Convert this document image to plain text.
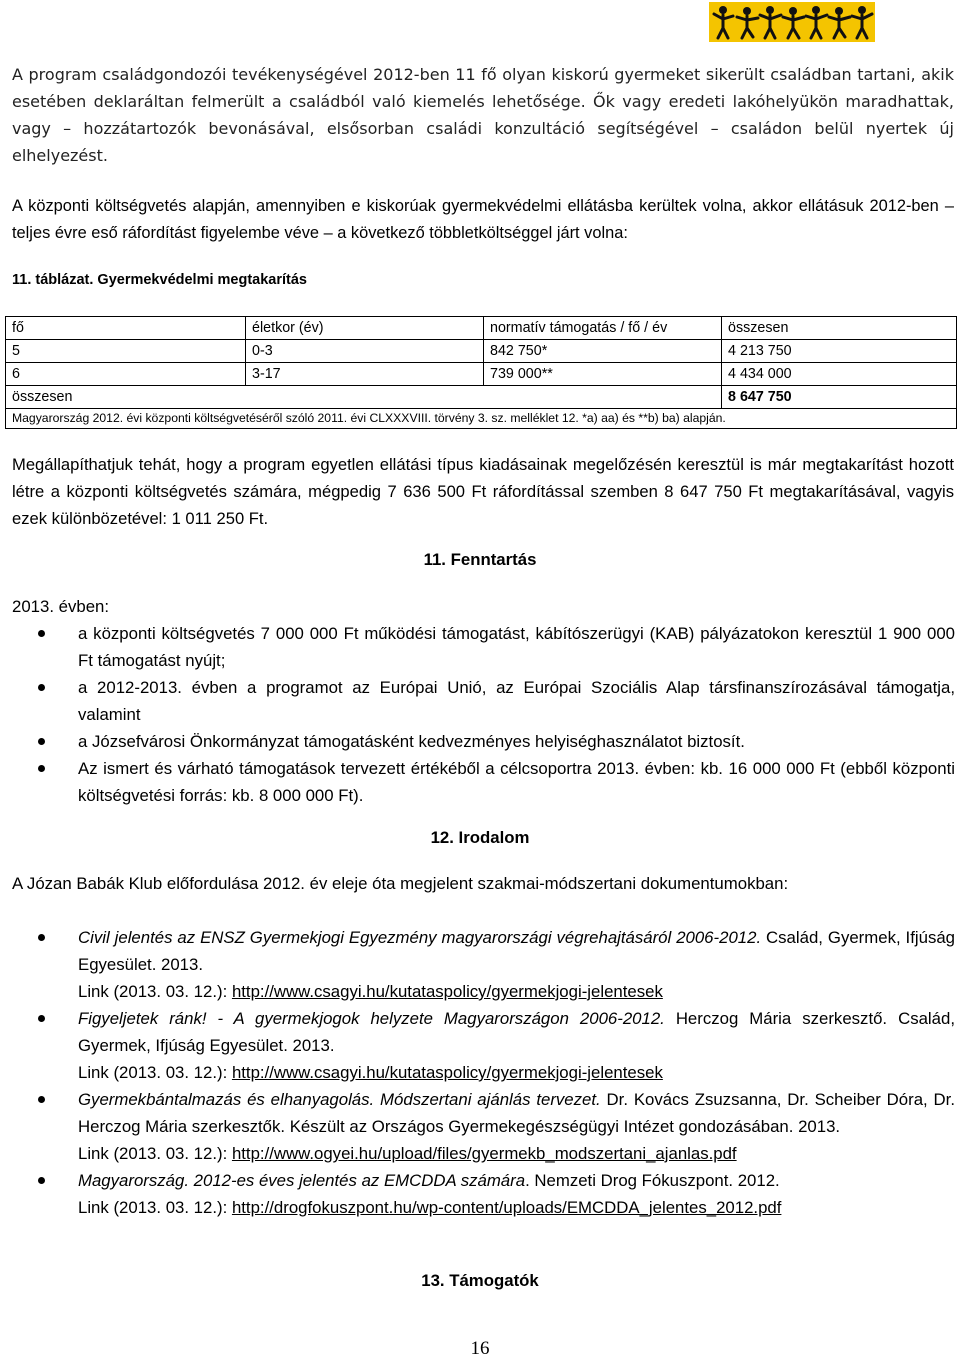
A program családgondozói tevékenységével 2012-ben 11 fő olyan kiskorú gyermeket sikerült családban tartani, akik esetében deklaráltan felmerült a családból való kiemelés lehetősége. Ők vagy eredeti lakóhelyükön maradhattak, vagy – hozzátartozók bevonásával, elsősorban családi konzultáció segítségével – családon belül nyertek új elhelyezést.
A központi költségvetés alapján, amennyiben e kiskorúak gyermekvédelmi ellátásba kerültek volna, akkor ellátásuk 2012-ben – teljes évre eső ráfordítást figyelembe véve – a következő többletköltséggel járt volna:
11. táblázat. Gyermekvédelmi megtakarítás
fő	életkor (év)	normatív támogatás / fő / év	összesen
5	0-3	842 750*	4 213 750
6	3-17	739 000**	4 434 000
összesen			8 647 750
Magyarország 2012. évi központi költségvetéséről szóló 2011. évi CLXXXVIII. törvény 3. sz. melléklet 12. *a) aa) és **b) ba) alapján.			
Megállapíthatjuk tehát, hogy a program egyetlen ellátási típus kiadásainak megelőzésén keresztül is már megtakarítást hozott létre a központi költségvetés számára, mégpedig 7 636 500 Ft ráfordítással szemben 8 647 750 Ft megtakarításával, vagyis ezek különbözetével: 1 011 250 Ft.
11. Fenntartás
2013. évben:
a központi költségvetés 7 000 000 Ft működési támogatást, kábítószerügyi (KAB) pályázatokon keresztül 1 900 000 Ft támogatást nyújt;
a 2012-2013. évben a programot az Európai Unió, az Európai Szociális Alap társfinanszírozásával támogatja, valamint
a Józsefvárosi Önkormányzat támogatásként kedvezményes helyiséghasználatot biztosít.
Az ismert és várható támogatások tervezett értékéből a célcsoportra 2013. évben: kb. 16 000 000 Ft (ebből központi költségvetési forrás: kb. 8 000 000 Ft).
12. Irodalom
A Józan Babák Klub előfordulása 2012. év eleje óta megjelent szakmai-módszertani dokumentumokban:
Civil jelentés az ENSZ Gyermekjogi Egyezmény magyarországi végrehajtásáról 2006-2012. Család, Gyermek, Ifjúság Egyesület. 2013.
Link (2013. 03. 12.): http://www.csagyi.hu/kutataspolicy/gyermekjogi-jelentesek
Figyeljetek ránk! - A gyermekjogok helyzete Magyarországon 2006-2012. Herczog Mária szerkesztő. Család, Gyermek, Ifjúság Egyesület. 2013.
Link (2013. 03. 12.): http://www.csagyi.hu/kutataspolicy/gyermekjogi-jelentesek
Gyermekbántalmazás és elhanyagolás. Módszertani ajánlás tervezet. Dr. Kovács Zsuzsanna, Dr. Scheiber Dóra, Dr. Herczog Mária szerkesztők. Készült az Országos Gyermekegészségügyi Intézet gondozásában. 2013.
Link (2013. 03. 12.): http://www.ogyei.hu/upload/files/gyermekb_modszertani_ajanlas.pdf
Magyarország. 2012-es éves jelentés az EMCDDA számára. Nemzeti Drog Fókuszpont. 2012.
Link (2013. 03. 12.): http://drogfokuszpont.hu/wp-content/uploads/EMCDDA_jelentes_2012.pdf
13. Támogatók
16
